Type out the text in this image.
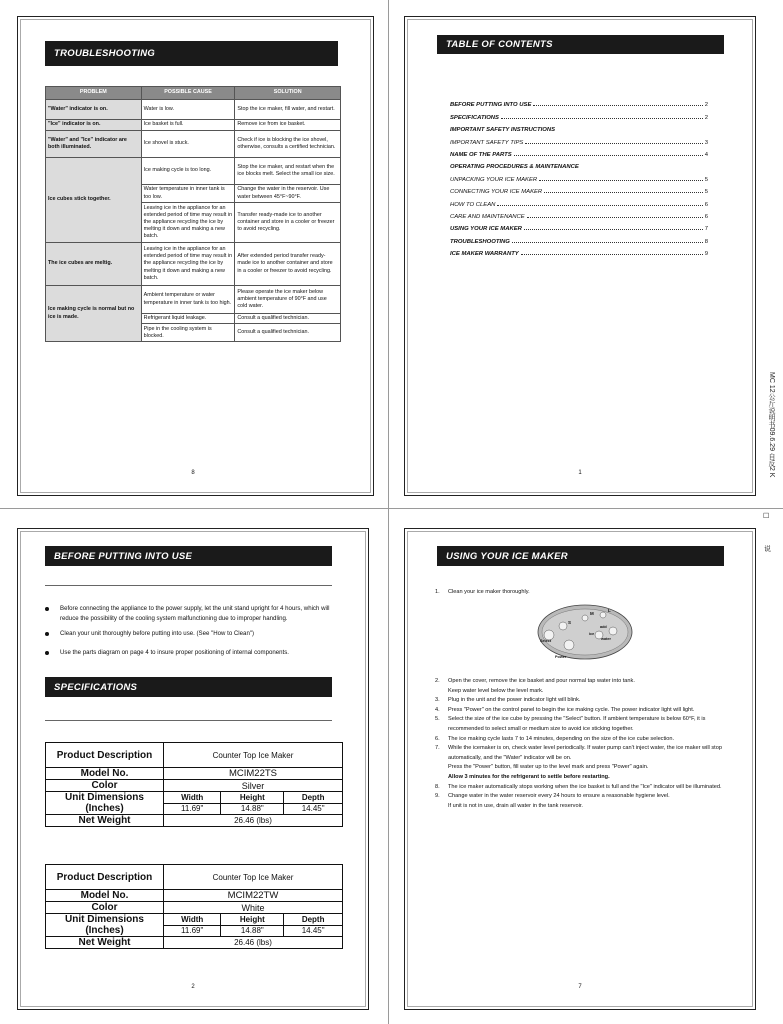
TROUBLESHOOTING
PROBLEM	POSSIBLE CAUSE	SOLUTION
"Water" indicator is on.	Water is low.	Stop the ice maker, fill water, and restart.
"Ice" indicator is on.	Ice basket is full.	Remove ice from ice basket.
"Water" and "Ice" indicator are both illuminated.	Ice shovel is stuck.	Check if ice is blocking the ice shovel, otherwise, consults a certified technician.
Ice cubes stick together.	Ice making cycle is too long.	Stop the ice maker, and restart when the ice blocks melt. Select the small ice size.
	Water temperature in inner tank is too low.	Change the water in the reservoir. Use water between 45°F~90°F.
	Leaving ice in the appliance for an extended period of time may result in the appliance recycling the ice by melting it down and making a new batch.	Transfer ready-made ice to another container and store in a cooler or freezer to avoid recycling.
The ice cubes are meltig.	Leaving ice in the appliance for an extended period of time may result in the appliance recycling the ice by melting it down and making a new batch.	After extended period transfer ready-made ice to another container and store in a cooler or freezer to avoid recycling.
Ice making cycle is normal but no ice is made.	Ambient temperature or water temperature in inner tank is too high.	Please operate the ice maker below ambient temperature of 90°F and use cold water.
	Refrigerant liquid leakage.	Consult a qualified technician.
	Pipe in the cooling system is blocked.	Consult a qualified technician.
8
TABLE OF CONTENTS
BEFORE PUTTING INTO USE	2
SPECIFICATIONS	2
IMPORTANT SAFETY INSTRUCTIONS
IMPORTANT SAFETY TIPS	3
NAME OF THE PARTS	4
OPERATING PROCEDURES & MAINTENANCE
UNPACKING YOUR ICE MAKER	5
CONNECTING YOUR ICE MAKER	5
HOW TO CLEAN	6
CARE AND MAINTENANCE	6
USING YOUR ICE MAKER	7
TROUBLESHOOTING	8
ICE MAKER WARRANTY	9
1
☐
MC 12公斤说明书09.6.29 自反2 K
说
BEFORE PUTTING INTO USE
Before connecting the appliance to the power supply, let the unit stand upright for 4 hours, which will reduce the possibility of the cooling system malfunctioning due to improper handling.
Clean your unit thoroughly before putting into use. (See "How to Clean")
Use the parts diagram on page 4 to insure proper positioning of internal components.
SPECIFICATIONS
Product Description	Counter Top Ice Maker		
Model No.	MCIM22TS		
Color	Silver		
Unit Dimensions	Width	Height	Depth
(Inches)	11.69"	14.88"	14.45"
Net Weight	26.46 (lbs)		
Product Description	Counter Top Ice Maker		
Model No.	MCIM22TW		
Color	White		
Unit Dimensions	Width	Height	Depth
(Inches)	11.69"	14.88"	14.45"
Net Weight	26.46 (lbs)		
2
USING YOUR ICE MAKER
1.	Clean your ice maker thoroughly.
S
M
L
add
ice
water
Select
Power
2.	Open the cover, remove the ice basket and pour normal tap water into tank.
Keep water level below the level mark.
3.	Plug in the unit and the power indicator light will blink.
4.	Press "Power" on the control panel to begin the ice making cycle. The power indicator light will light.
5.	Select the size of the ice cube by pressing the "Select" button. If ambient temperature is below 60°F, it is recommended to select small or medium size to avoid ice sticking together.
6.	The ice making cycle lasts 7 to 14 minutes, depending on the size of the ice cube selection.
7.	While the icemaker is on, check water level periodically. If water pump can't inject water, the ice maker will stop automatically, and the "Water" indicator will be on.
Press the "Power" button, fill water up to the level mark and press "Power" again.
Allow 3 minutes for the refrigerant to settle before restarting.
8.	The ice maker automatically stops working when the ice basket is full and the "Ice" indicator will be illuminated.
9.	Change water in the water reservoir every 24 hours to ensure a reasonable hygiene level.
If unit is not in use, drain all water in the tank reservoir.
7
